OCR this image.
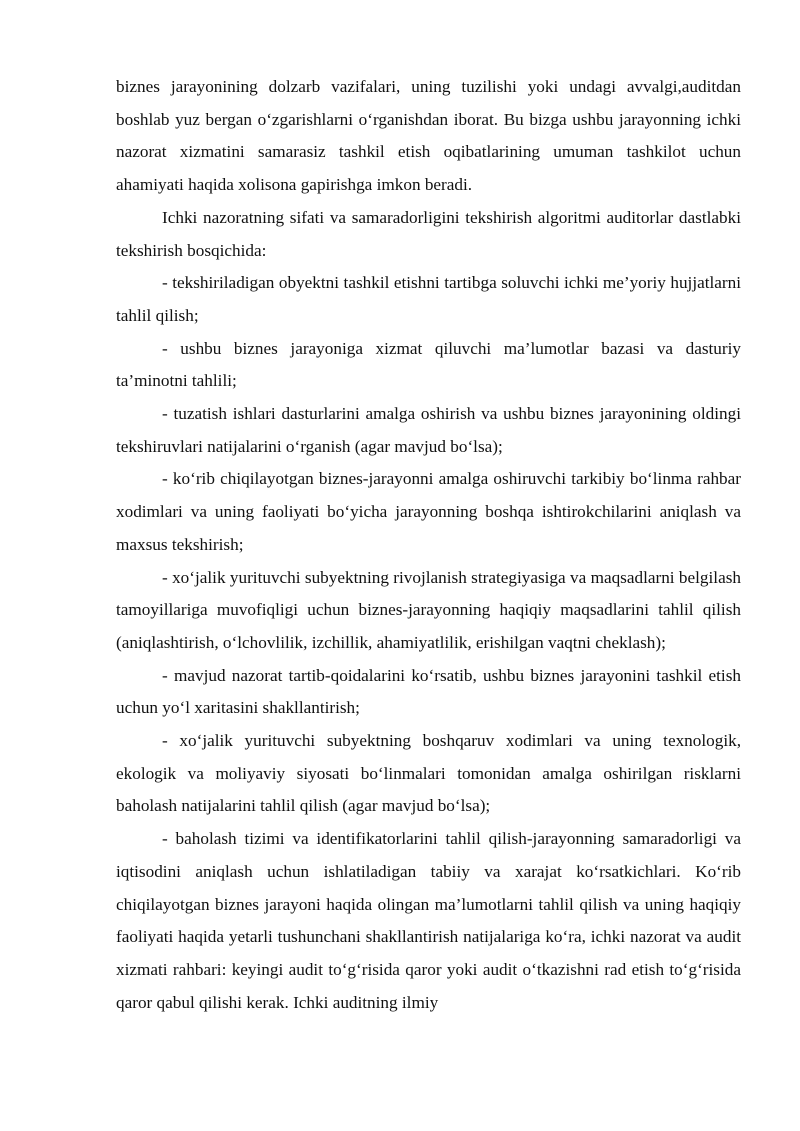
biznes jarayonining dolzarb vazifalari, uning tuzilishi yoki undagi avvalgi,auditdan boshlab yuz bergan o‘zgarishlarni o‘rganishdan iborat. Bu bizga ushbu jarayonning ichki nazorat xizmatini samarasiz tashkil etish oqibatlarining umuman tashkilot uchun ahamiyati haqida xolisona gapirishga imkon beradi.

Ichki nazoratning sifati va samaradorligini tekshirish algoritmi auditorlar dastlabki tekshirish bosqichida:

- tekshiriladigan obyektni tashkil etishni tartibga soluvchi ichki me’yoriy hujjatlarni tahlil qilish;

- ushbu biznes jarayoniga xizmat qiluvchi ma’lumotlar bazasi va dasturiy ta’minotni tahlili;

- tuzatish ishlari dasturlarini amalga oshirish va ushbu biznes jarayonining oldingi tekshiruvlari natijalarini o‘rganish (agar mavjud bo‘lsa);

- ko‘rib chiqilayotgan biznes-jarayonni amalga oshiruvchi tarkibiy bo‘linma rahbar xodimlari va uning faoliyati bo‘yicha jarayonning boshqa ishtirokchilarini aniqlash va maxsus tekshirish;

- xo‘jalik yurituvchi subyektning rivojlanish strategiyasiga va maqsadlarni belgilash tamoyillariga muvofiqligi uchun biznes-jarayonning haqiqiy maqsadlarini tahlil qilish (aniqlashtirish, o‘lchovlilik, izchillik, ahamiyatlilik, erishilgan vaqtni cheklash);

- mavjud nazorat tartib-qoidalarini ko‘rsatib, ushbu biznes jarayonini tashkil etish uchun yo‘l xaritasini shakllantirish;

- xo‘jalik yurituvchi subyektning boshqaruv xodimlari va uning texnologik, ekologik va moliyaviy siyosati bo‘linmalari tomonidan amalga oshirilgan risklarni baholash natijalarini tahlil qilish (agar mavjud bo‘lsa);

- baholash tizimi va identifikatorlarini tahlil qilish-jarayonning samaradorligi va iqtisodini aniqlash uchun ishlatiladigan tabiiy va xarajat ko‘rsatkichlari. Ko‘rib chiqilayotgan biznes jarayoni haqida olingan ma’lumotlarni tahlil qilish va uning haqiqiy faoliyati haqida yetarli tushunchani shakllantirish natijalariga ko‘ra, ichki nazorat va audit xizmati rahbari: keyingi audit to‘g‘risida qaror yoki audit o‘tkazishni rad etish to‘g‘risida qaror qabul qilishi kerak. Ichki auditning ilmiy
